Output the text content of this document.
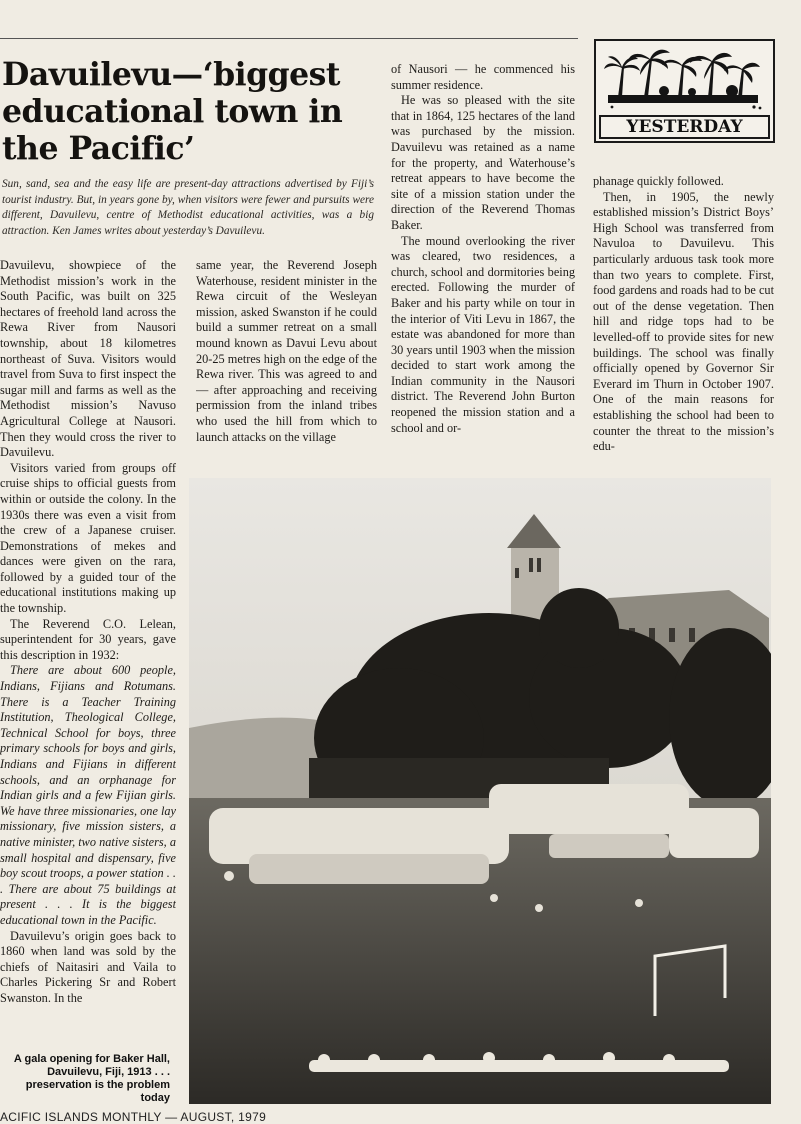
Davuilevu—‘biggest educational town in the Pacific’

Sun, sand, sea and the easy life are present-day attractions advertised by Fiji’s tourist industry. But, in years gone by, when visitors were fewer and pursuits were different, Davuilevu, centre of Methodist educational activities, was a big attraction. Ken James writes about yesterday’s Davuilevu.

YESTERDAY

Davuilevu, showpiece of the Methodist mission’s work in the South Pacific, was built on 325 hectares of freehold land across the Rewa River from Nausori township, about 18 kilometres northeast of Suva. Visitors would travel from Suva to first inspect the sugar mill and farms as well as the Methodist mission’s Navuso Agricultural College at Nausori. Then they would cross the river to Davuilevu.

Visitors varied from groups off cruise ships to official guests from within or outside the colony. In the 1930s there was even a visit from the crew of a Japanese cruiser. Demonstrations of mekes and dances were given on the rara, followed by a guided tour of the educational institutions making up the township.

The Reverend C.O. Lelean, superintendent for 30 years, gave this description in 1932:

There are about 600 people, Indians, Fijians and Rotumans. There is a Teacher Training Institution, Theological College, Technical School for boys, three primary schools for boys and girls, Indians and Fijians in different schools, and an orphanage for Indian girls and a few Fijian girls. We have three missionaries, one lay missionary, five mission sisters, a native minister, two native sisters, a small hospital and dispensary, five boy scout troops, a power station . . . There are about 75 buildings at present . . . It is the biggest educational town in the Pacific.

Davuilevu’s origin goes back to 1860 when land was sold by the chiefs of Naitasiri and Vaila to Charles Pickering Sr and Robert Swanston. In the

same year, the Reverend Joseph Waterhouse, resident minister in the Rewa circuit of the Wesleyan mission, asked Swanston if he could build a summer retreat on a small mound known as Davui Levu about 20-25 metres high on the edge of the Rewa river. This was agreed to and — after approaching and receiving permission from the inland tribes who used the hill from which to launch attacks on the village

of Nausori — he commenced his summer residence.

He was so pleased with the site that in 1864, 125 hectares of the land was purchased by the mission. Davuilevu was retained as a name for the property, and Waterhouse’s retreat appears to have become the site of a mission station under the direction of the Reverend Thomas Baker.

The mound overlooking the river was cleared, two residences, a church, school and dormitories being erected. Following the murder of Baker and his party while on tour in the interior of Viti Levu in 1867, the estate was abandoned for more than 30 years until 1903 when the mission decided to start work among the Indian community in the Nausori district. The Reverend John Burton reopened the mission station and a school and or-

phanage quickly followed.

Then, in 1905, the newly established mission’s District Boys’ High School was transferred from Navuloa to Davuilevu. This particularly arduous task took more than two years to complete. First, food gardens and roads had to be cut out of the dense vegetation. Then hill and ridge tops had to be levelled-off to provide sites for new buildings. The school was finally officially opened by Governor Sir Everard im Thurn in October 1907. One of the main reasons for establishing the school had been to counter the threat to the mission’s edu-

A gala opening for Baker Hall, Davuilevu, Fiji, 1913 . . . preservation is the problem today

ACIFIC ISLANDS MONTHLY — AUGUST, 1979
